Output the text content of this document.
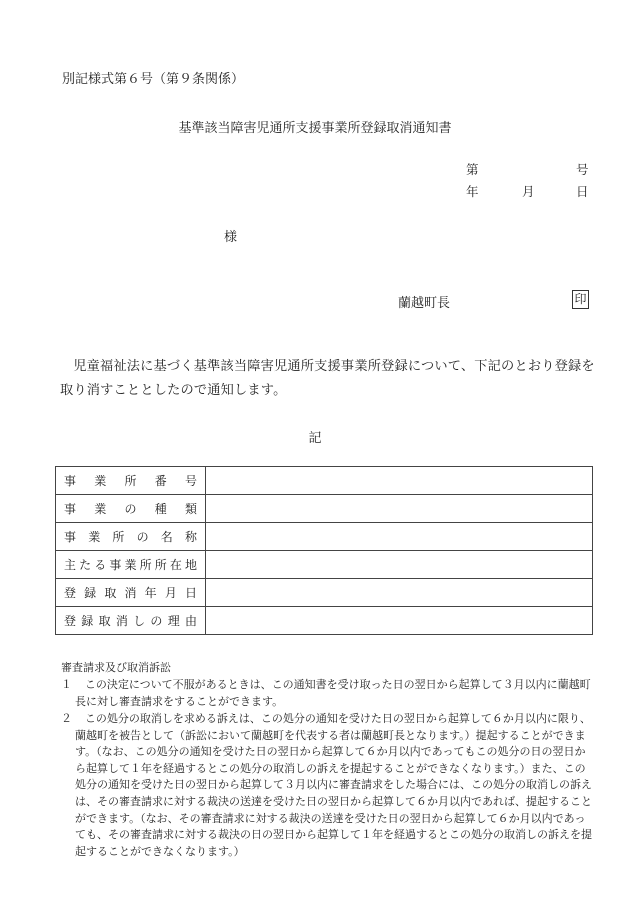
別記様式第６号（第９条関係）
基準該当障害児通所支援事業所登録取消通知書
第	号
年	月	日
様
蘭越町長	印
児童福祉法に基づく基準該当障害児通所支援事業所登録について、下記のとおり登録を取り消すこととしたので通知します。
記
事業所番号	
事業の種類	
事業所の名称	
主たる事業所所在地	
登録取消年月日	
登録取消しの理由	
審査請求及び取消訴訟
１	この決定について不服があるときは、この通知書を受け取った日の翌日から起算して３月以内に蘭越町長に対し審査請求をすることができます。
２	この処分の取消しを求める訴えは、この処分の通知を受けた日の翌日から起算して６か月以内に限り、蘭越町を被告として（訴訟において蘭越町を代表する者は蘭越町長となります。）提起することができます。（なお、この処分の通知を受けた日の翌日から起算して６か月以内であってもこの処分の日の翌日から起算して１年を経過するとこの処分の取消しの訴えを提起することができなくなります。）また、この処分の通知を受けた日の翌日から起算して３月以内に審査請求をした場合には、この処分の取消しの訴えは、その審査請求に対する裁決の送達を受けた日の翌日から起算して６か月以内であれば、提起することができます。（なお、その審査請求に対する裁決の送達を受けた日の翌日から起算して６か月以内であっても、その審査請求に対する裁決の日の翌日から起算して１年を経過するとこの処分の取消しの訴えを提起することができなくなります。）
